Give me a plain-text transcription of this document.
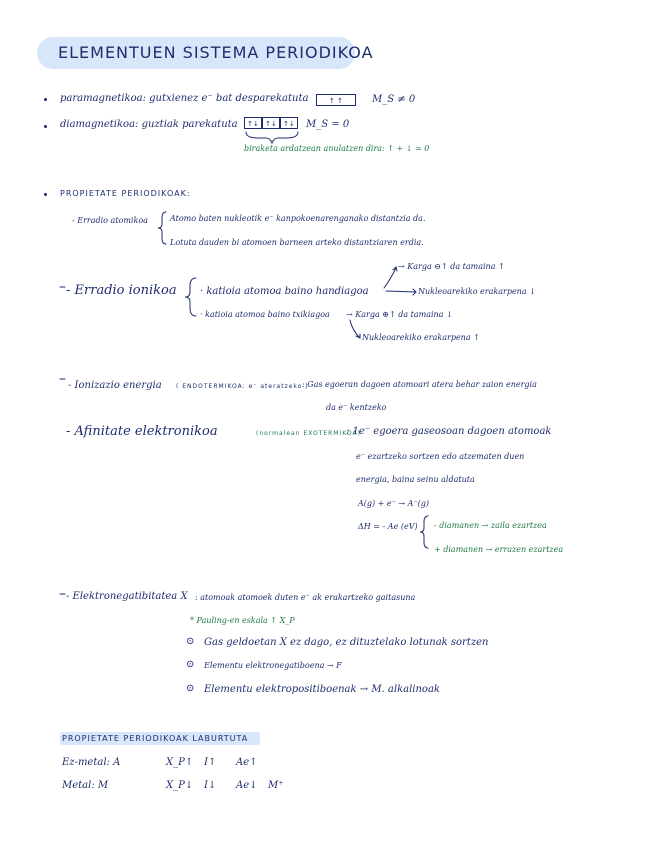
ELEMENTUEN SISTEMA PERIODIKOA
paramagnetikoa: gutxienez e⁻ bat desparekatuta	↑ ↑	M_S ≠ 0
diamagnetikoa: guztiak parekatuta	↑↓ ↑↓ ↑↓	M_S = 0
biraketa ardatzean anulatzen dira: ↑ + ↓ = 0
PROPIETATE PERIODIKOAK:
- Erradio atomikoa	Atomo baten nukleotik e⁻ kanpokoenarenganako distantzia da.
Lotuta dauden bi atomoen barneen arteko distantziaren erdia.
- Erradio ionikoa · katioia atomoa baino handiagoa
→ Karga ⊖↑ da tamaina ↑
Nukleoarekiko erakarpena ↓
· katioia atomoa baino txikiagoa → Karga ⊕↑ da tamaina ↓
Nukleoarekiko erakarpena ↑
- Ionizazio energia ( ENDOTERMIKOA: e⁻ ateratzeko )
: Gas egoeran dagoen atomoari atera behar zaion energia
da e⁻ kentzeko
- Afinitate elektronikoa	(normalean EXOTERMIKOA)
: 1e⁻ egoera gaseosoan dagoen atomoak
e⁻ ezartzeko sortzen edo atzematen duen
energia, baina seinu aldatuta
A(g) + e⁻ → A⁻(g)
ΔH = - Ae (eV) - diamanen → zaila ezartzea
+ diamanen → errazen ezartzea
- Elektronegatibitatea X : atomoak atomoek duten e⁻ ak erakartzeko gaitasuna
* Pauling-en eskala ↑ X_P
⊙ Gas geldoetan X ez dago, ez dituztelako lotunak sortzen
⊙ Elementu elektronegatiboena → F
⊙ Elementu elektropositiboenak → M. alkalinoak
PROPIETATE PERIODIKOAK LABURTUTA
Ez-metal: A	X_P↑ I↑ Ae↑
Metal: M	X_P↓ I↓ Ae↓ M⁺
